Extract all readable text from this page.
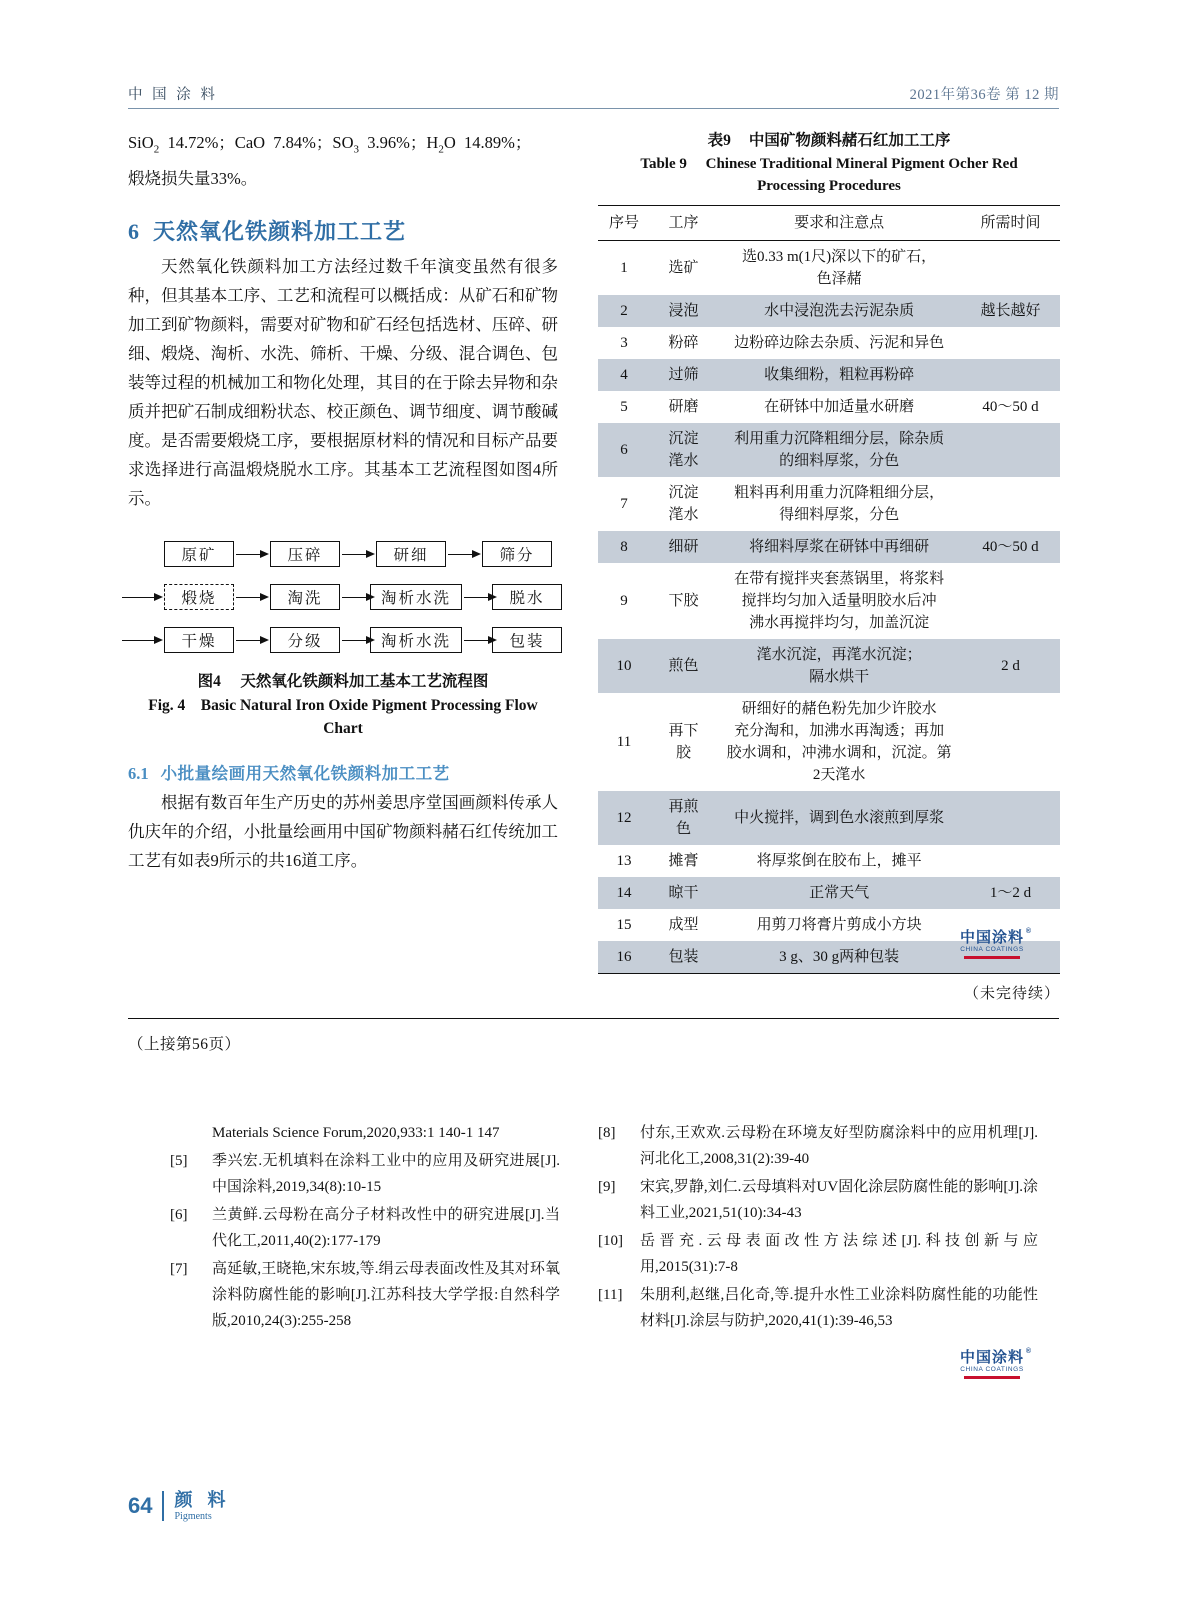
中 国 涂 料	2021年第36卷 第 12 期
SiO$_2$  14.72%；CaO  7.84%；$SO_3$  3.96%；$H_2O$  14.89%；
煅烧损失量33%。
6 天然氧化铁颜料加工工艺
天然氧化铁颜料加工方法经过数千年演变虽然有很多种，但其基本工序、工艺和流程可以概括成：从矿石和矿物加工到矿物颜料，需要对矿物和矿石经包括选材、压碎、研细、煅烧、淘析、水洗、筛析、干燥、分级、混合调色、包装等过程的机械加工和物化处理，其目的在于除去异物和杂质并把矿石制成细粉状态、校正颜色、调节细度、调节酸碱度。是否需要煅烧工序，要根据原材料的情况和目标产品要求选择进行高温煅烧脱水工序。其基本工艺流程图如图4所示。
原矿	压碎	研细	筛分
煅烧	淘洗	淘析水洗	脱水
干燥	分级	淘析水洗	包装
图4 天然氧化铁颜料加工基本工艺流程图
Fig. 4 Basic Natural Iron Oxide Pigment Processing Flow
Chart
6.1 小批量绘画用天然氧化铁颜料加工工艺
根据有数百年生产历史的苏州姜思序堂国画颜料传承人仇庆年的介绍，小批量绘画用中国矿物颜料赭石红传统加工工艺有如表9所示的共16道工序。
表9 中国矿物颜料赭石红加工工序
Table 9 Chinese Traditional Mineral Pigment Ocher Red
Processing Procedures
序号	工序	要求和注意点	所需时间
1	选矿	选0.33 m(1尺)深以下的矿石，
色泽赭	
2	浸泡	水中浸泡洗去污泥杂质	越长越好
3	粉碎	边粉碎边除去杂质、污泥和异色	
4	过筛	收集细粉，粗粒再粉碎	
5	研磨	在研钵中加适量水研磨	40～50 d
6	沉淀
滗水	利用重力沉降粗细分层，除杂质
的细料厚浆，分色	
7	沉淀
滗水	粗料再利用重力沉降粗细分层，
得细料厚浆，分色	
8	细研	将细料厚浆在研钵中再细研	40～50 d
9	下胶	在带有搅拌夹套蒸锅里，将浆料
搅拌均匀加入适量明胶水后冲
沸水再搅拌均匀，加盖沉淀	
10	煎色	滗水沉淀，再滗水沉淀；
隔水烘干	2 d
11	再下
胶	研细好的赭色粉先加少许胶水
充分淘和，加沸水再淘透；再加
胶水调和，冲沸水调和，沉淀。第
2天滗水	
12	再煎
色	中火搅拌，调到色水滚煎到厚浆	
13	摊膏	将厚浆倒在胶布上，摊平	
14	晾干	正常天气	1～2 d
15	成型	用剪刀将膏片剪成小方块	
16	包装	3 g、30 g两种包装	
（未完待续）
中国涂料 ®
CHINA COATINGS
（上接第56页）
Materials Science Forum,2020,933:1 140-1 147
[5]	季兴宏.无机填料在涂料工业中的应用及研究进展[J].中国涂料,2019,34(8):10-15
[6]	兰黄鲜.云母粉在高分子材料改性中的研究进展[J].当代化工,2011,40(2):177-179
[7]	高延敏,王晓艳,宋东坡,等.绢云母表面改性及其对环氧涂料防腐性能的影响[J].江苏科技大学学报:自然科学版,2010,24(3):255-258
[8]	付东,王欢欢.云母粉在环境友好型防腐涂料中的应用机理[J].河北化工,2008,31(2):39-40
[9]	宋宾,罗静,刘仁.云母填料对UV固化涂层防腐性能的影响[J].涂料工业,2021,51(10):34-43
[10]	岳晋充.云母表面改性方法综述[J].科技创新与应用,2015(31):7-8
[11]	朱朋利,赵继,吕化奇,等.提升水性工业涂料防腐性能的功能性材料[J].涂层与防护,2020,41(1):39-46,53
中国涂料 ®
CHINA COATINGS
64 颜 料
Pigments
